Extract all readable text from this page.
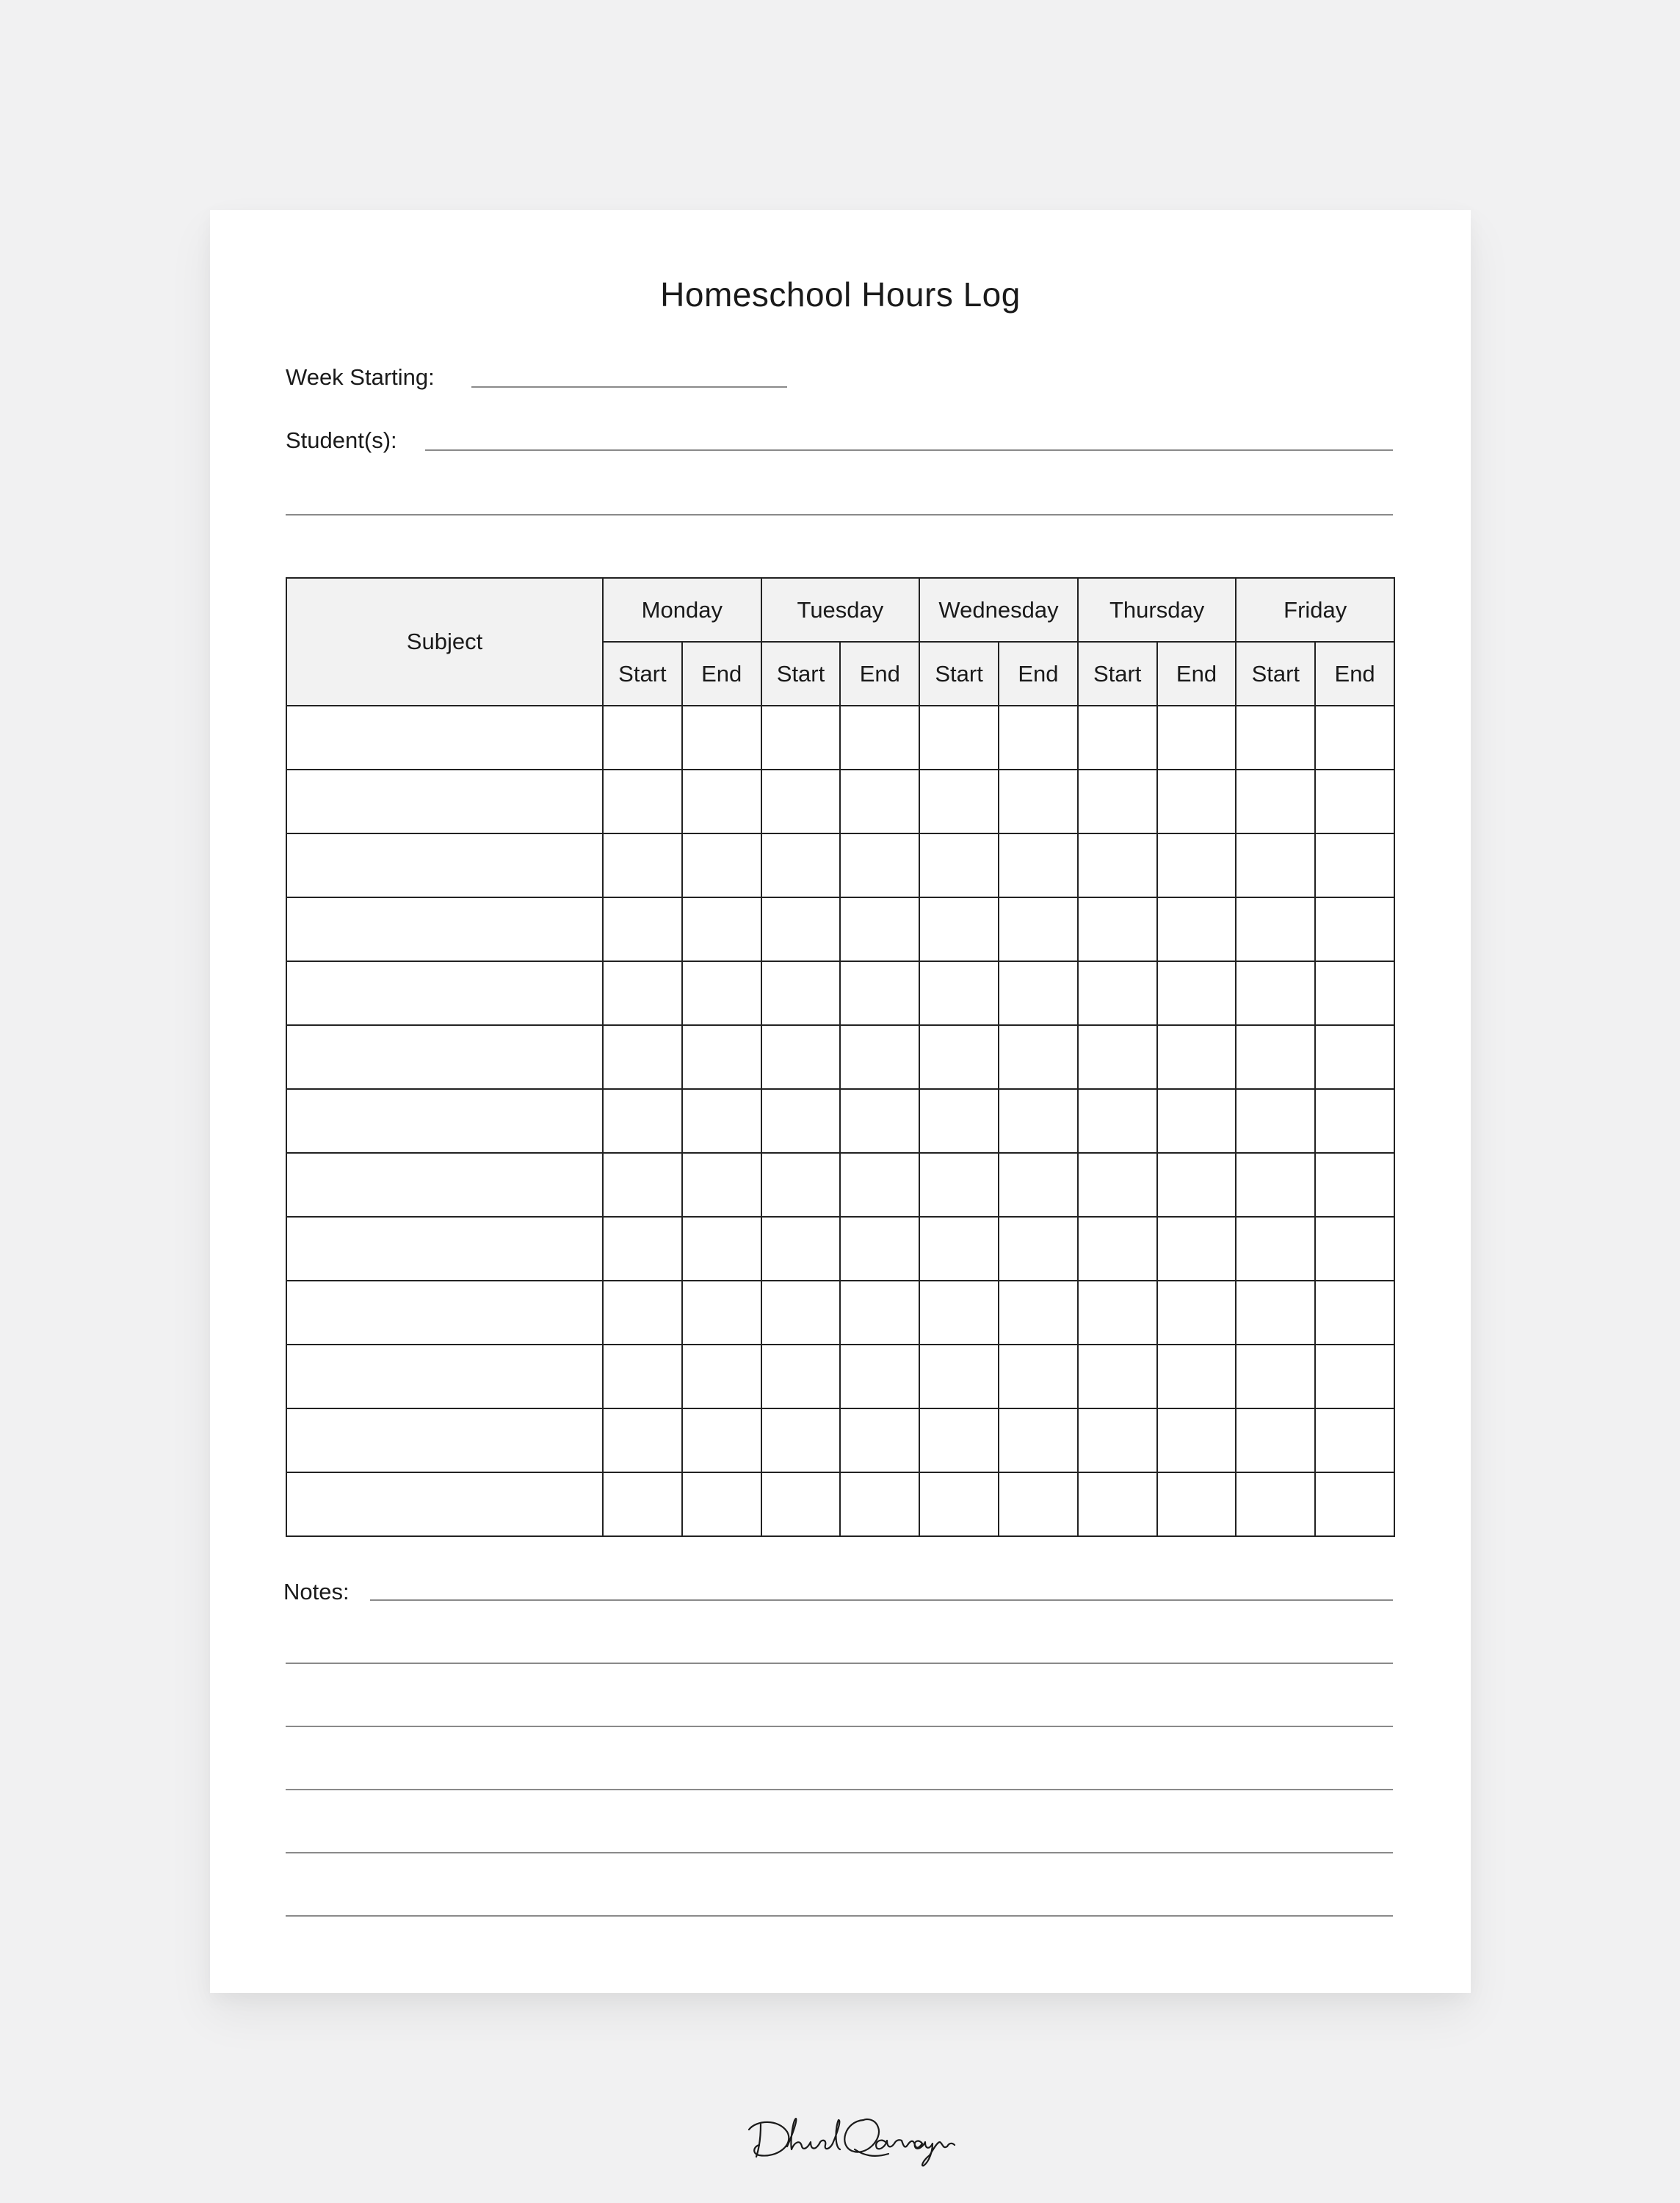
Homeschool Hours Log
Week Starting:
Student(s):
Subject	Monday		Tuesday		Wednesday		Thursday		Friday	
	Start	End	Start	End	Start	End	Start	End	Start	End

Notes:
